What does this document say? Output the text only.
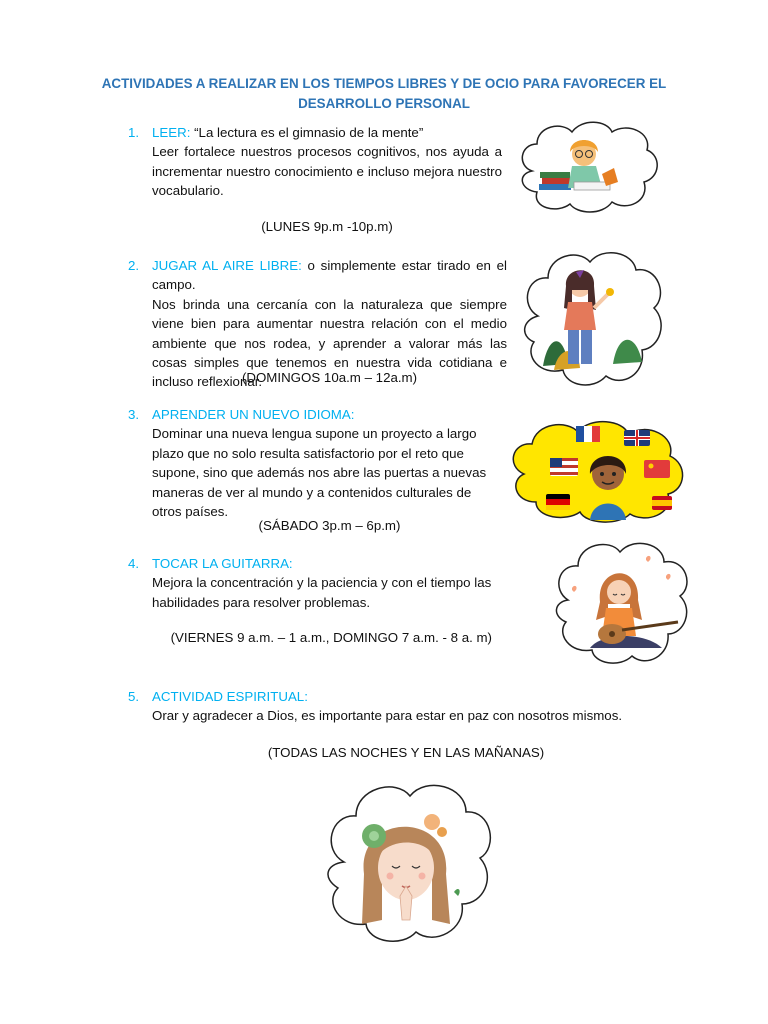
ACTIVIDADES A REALIZAR EN LOS TIEMPOS LIBRES Y DE OCIO PARA FAVORECER EL
DESARROLLO PERSONAL
1. LEER: “La lectura es el gimnasio de la mente”
Leer fortalece nuestros procesos cognitivos, nos ayuda a incrementar nuestro conocimiento e incluso mejora nuestro vocabulario.
(LUNES 9p.m -10p.m)
2. JUGAR AL AIRE LIBRE: o simplemente estar tirado en el campo.
Nos brinda una cercanía con la naturaleza que siempre viene bien para aumentar nuestra relación con el medio ambiente que nos rodea, y aprender a valorar más las cosas simples que tenemos en nuestra vida cotidiana e incluso reflexionar.
(DOMINGOS 10a.m – 12a.m)
3. APRENDER UN NUEVO IDIOMA:
Dominar una nueva lengua supone un proyecto a largo plazo que no solo resulta satisfactorio por el reto que supone, sino que además nos abre las puertas a nuevas maneras de ver al mundo y a contenidos culturales de otros países.
(SÁBADO 3p.m – 6p.m)
4. TOCAR LA GUITARRA:
Mejora la concentración y la paciencia y con el tiempo las habilidades para resolver problemas.
(VIERNES 9 a.m. – 1 a.m., DOMINGO 7 a.m. - 8 a. m)
5. ACTIVIDAD ESPIRITUAL:
Orar y agradecer a Dios, es importante para estar en paz con nosotros mismos.
(TODAS LAS NOCHES Y EN LAS MAÑANAS)
